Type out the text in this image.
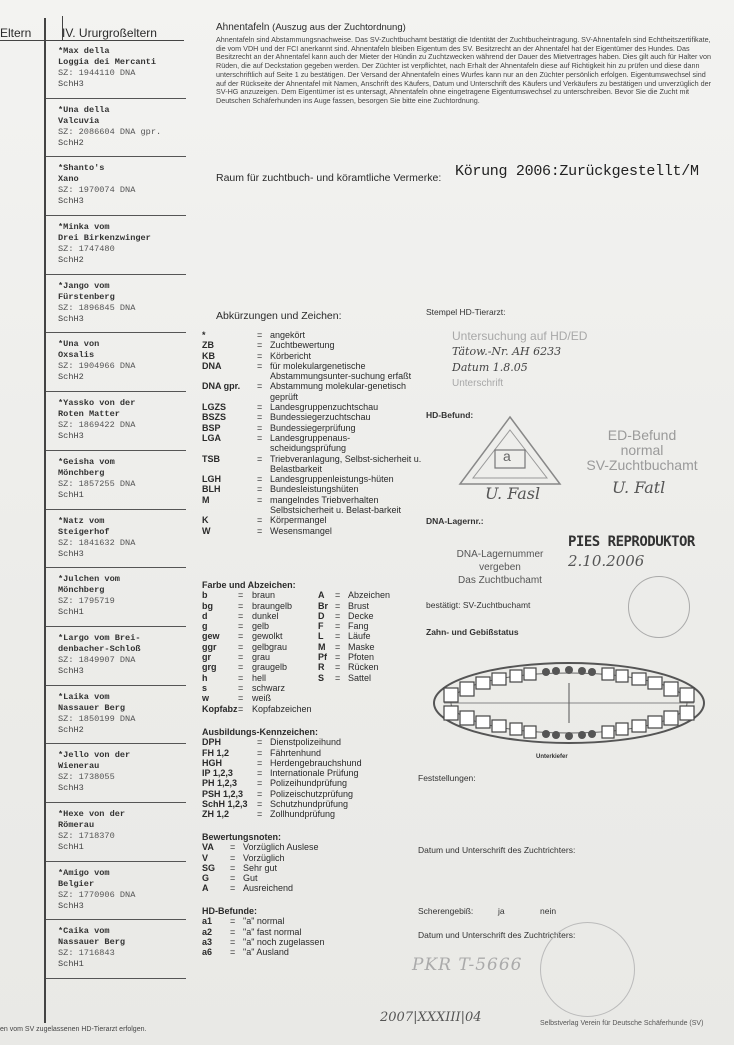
Eltern	IV. Ururgroßeltern
*Max della
Loggia dei Mercanti
SZ: 1944110 DNA
SchH3
*Una della
Valcuvia
SZ: 2086604 DNA gpr.
SchH2
*Shanto's
Xano
SZ: 1970074 DNA
SchH3
*Minka vom
Drei Birkenzwinger
SZ: 1747480
SchH2
*Jango vom
Fürstenberg
SZ: 1896845 DNA
SchH3
*Una von
Oxsalis
SZ: 1904966 DNA
SchH2
*Yassko von der
Roten Matter
SZ: 1869422 DNA
SchH3
*Geisha vom
Mönchberg
SZ: 1857255 DNA
SchH1
*Natz vom
Steigerhof
SZ: 1841632 DNA
SchH3
*Julchen vom
Mönchberg
SZ: 1795719
SchH1
*Largo vom Brei-
denbacher-Schloß
SZ: 1849907 DNA
SchH3
*Laika vom
Nassauer Berg
SZ: 1850199 DNA
SchH2
*Jello von der
Wienerau
SZ: 1738055
SchH3
*Hexe von der
Römerau
SZ: 1718370
SchH1
*Amigo vom
Belgier
SZ: 1770906 DNA
SchH3
*Caika vom
Nassauer Berg
SZ: 1716843
SchH1
Ahnentafeln (Auszug aus der Zuchtordnung)
Ahnentafeln sind Abstammungsnachweise. Das SV-Zuchtbuchamt bestätigt die Identität der Zuchtbucheintragung. SV-Ahnentafeln sind Echtheitszertifikate, die vom VDH und der FCI anerkannt sind. Ahnentafeln bleiben Eigentum des SV. Besitzrecht an der Ahnentafel hat der Eigentümer des Hundes. Das Besitzrecht an der Ahnentafel kann auch der Mieter der Hündin zu Zuchtzwecken während der Dauer des Mietvertrages haben. Dies gilt auch für Halter von Rüden, die auf Deckstation gegeben werden. Der Züchter ist verpflichtet, nach Erhalt der Ahnentafeln diese auf Richtigkeit hin zu prüfen und diese dann unterschriftlich auf Seite 1 zu bestätigen. Der Versand der Ahnentafeln eines Wurfes kann nur an den Züchter persönlich erfolgen. Eigentumswechsel sind auf der Rückseite der Ahnentafel mit Namen, Anschrift des Käufers, Datum und Unterschrift des Käufers und Verkäufers zu bestätigen und unverzüglich der SV-HG anzuzeigen. Dem Eigentümer ist es untersagt, Ahnentafeln ohne eingetragene Eigentumswechsel zu unterschreiben. Bevor Sie die Zucht mit Deutschen Schäferhunden ins Auge fassen, besorgen Sie bitte eine Zuchtordnung.
Raum für zuchtbuch- und köramtliche Vermerke: Körung 2006:Zurückgestellt/M
Abkürzungen und Zeichen:
*	= angekört
ZB	= Zuchtbewertung
KB	= Körbericht
DNA	= für molekulargenetische Abstammungsunter-suchung erfaßt
DNA gpr.	= Abstammung molekular-genetisch geprüft
LGZS	= Landesgruppenzuchtschau
BSZS	= Bundessiegerzuchtschau
BSP	= Bundessiegerprüfung
LGA	= Landesgruppenaus-scheidungsprüfung
TSB	= Triebveranlagung, Selbst-sicherheit u. Belastbarkeit
LGH	= Landesgruppenleistungs-hüten
BLH	= Bundesleistungshüten
M	= mangelndes Triebverhalten Selbstsicherheit u. Belast-barkeit
K	= Körpermangel
W	= Wesensmangel
Farbe und Abzeichen:
b	= braun	A	= Abzeichen
bg	= braungelb	Br = Brust
d	= dunkel	D	= Decke
g	= gelb	F	= Fang
gew	= gewolkt	L	= Läufe
ggr	= gelbgrau	M	= Maske
gr	= grau	Pf = Pfoten
grg	= graugelb	R	= Rücken
h	= hell	S	= Sattel
s	= schwarz
w	= weiß
Kopfabz = Kopfabzeichen
Ausbildungs-Kennzeichen:
DPH	= Dienstpolizeihund
FH 1,2	= Fährtenhund
HGH	= Herdengebrauchshund
IP 1,2,3	= Internationale Prüfung
PH 1,2,3	= Polizeihundprüfung
PSH 1,2,3	= Polizeischutzprüfung
SchH 1,2,3	= Schutzhundprüfung
ZH 1,2	= Zollhundprüfung
Bewertungsnoten:
VA	= Vorzüglich Auslese
V	= Vorzüglich
SG	= Sehr gut
G	= Gut
A	= Ausreichend
HD-Befunde:
a1	= "a" normal
a2	= "a" fast normal
a3	= "a" noch zugelassen
a6	= "a" Ausland
Stempel HD-Tierarzt:
Untersuchung auf HD/ED
Tätow.-Nr. AH 6233
Datum 1.8.05
Unterschrift
HD-Befund:
a
U. Fasl
ED-Befund
normal
SV-Zuchtbuchamt
U. Fatl
DNA-Lagernr.:
PIES REPRODUKTOR
2.10.2006
DNA-Lagernummer
vergeben
Das Zuchtbuchamt
bestätigt: SV-Zuchtbuchamt
Zahn- und Gebißstatus
Unterkiefer
Feststellungen:
Datum und Unterschrift des Zuchtrichters:
Scherengebiß:	ja	nein
Datum und Unterschrift des Zuchtrichters:
PKR T-5666
2007|XXXIII|04
en vom SV zugelassenen HD-Tierarzt erfolgen.
Selbstverlag Verein für Deutsche Schäferhunde (SV)
